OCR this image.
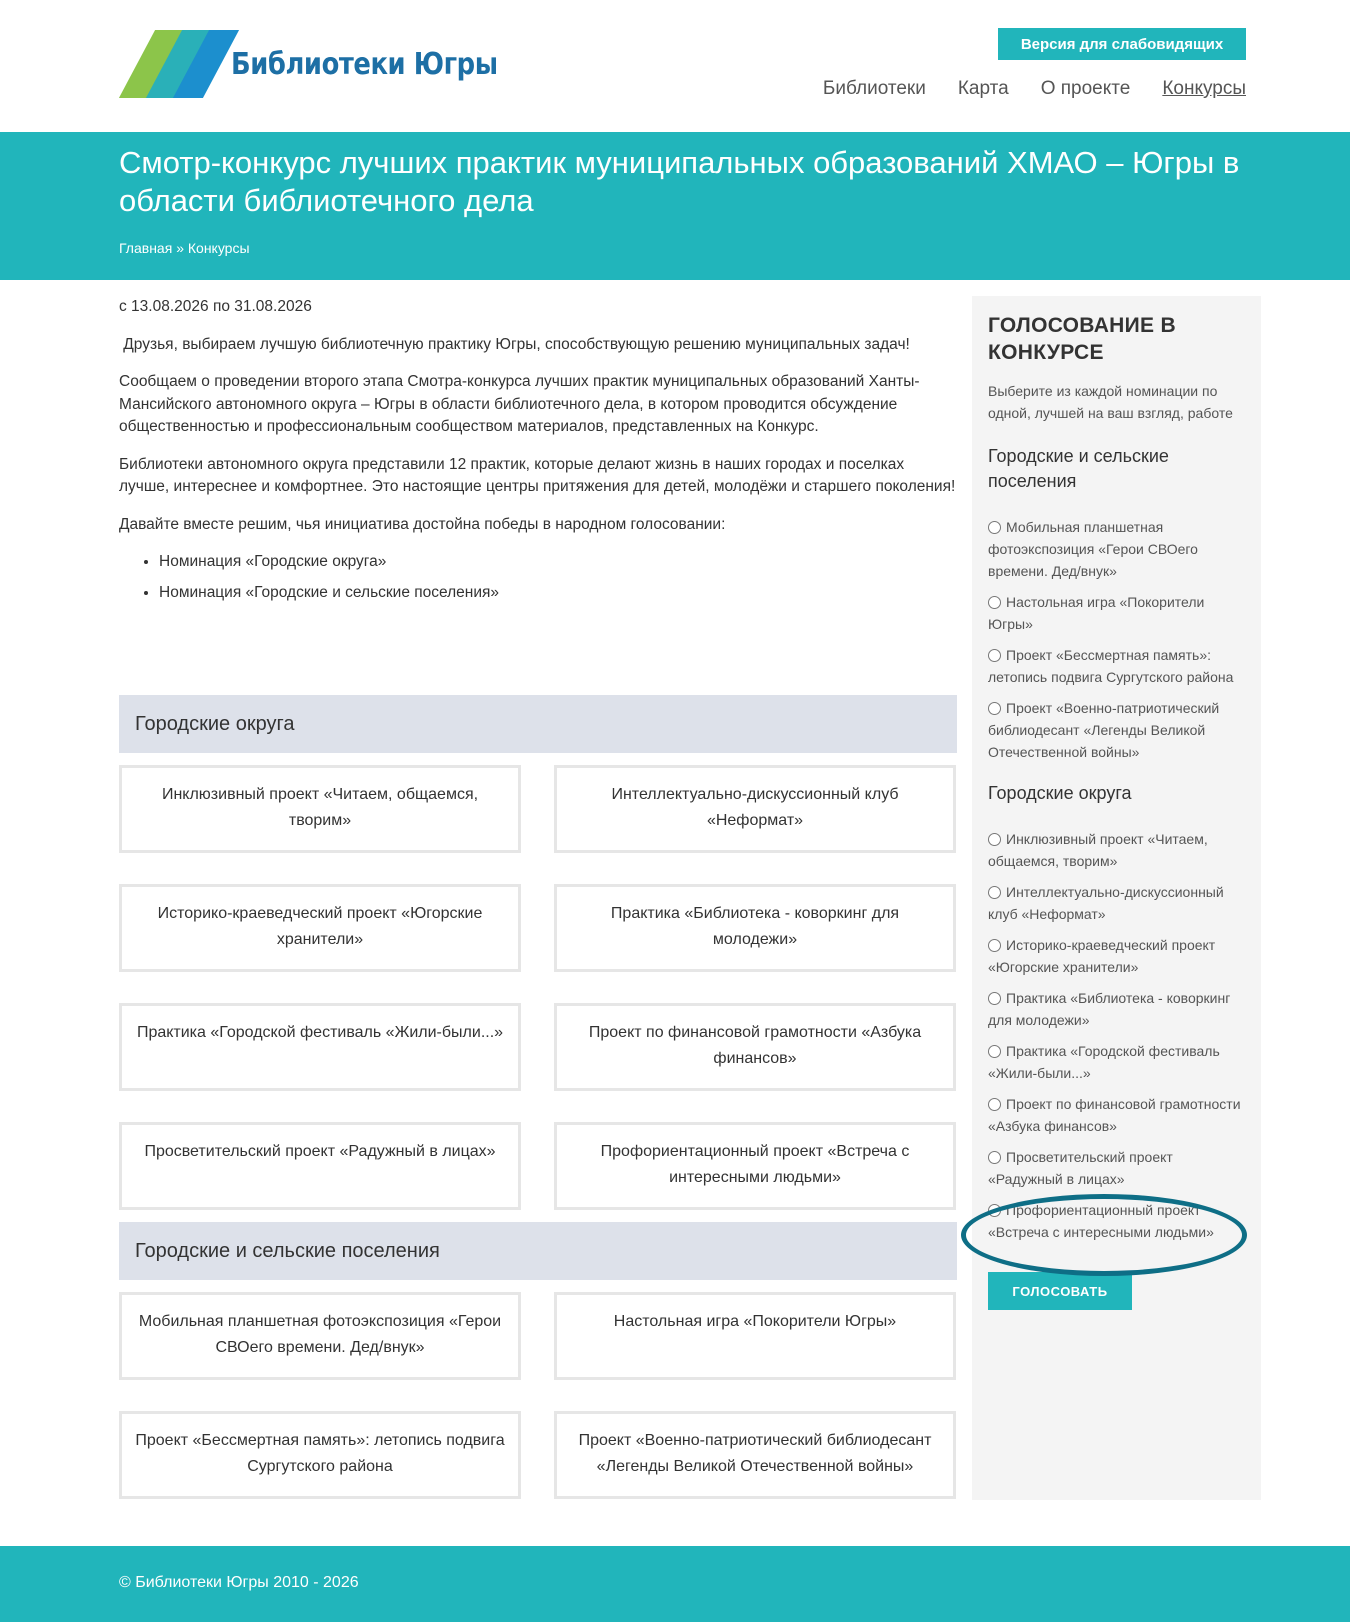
Библиотеки Югры
Версия для слабовидящих
Библиотеки Карта О проекте Конкурсы
Смотр-конкурс лучших практик муниципальных образований ХМАО – Югры в области библиотечного дела
Главная » Конкурсы

с 13.08.2026 по 31.08.2026

Друзья, выбираем лучшую библиотечную практику Югры, способствующую решению муниципальных задач!

Сообщаем о проведении второго этапа Смотра-конкурса лучших практик муниципальных образований Ханты-Мансийского автономного округа – Югры в области библиотечного дела, в котором проводится обсуждение общественностью и профессиональным сообществом материалов, представленных на Конкурс.

Библиотеки автономного округа представили 12 практик, которые делают жизнь в наших городах и поселках лучше, интереснее и комфортнее. Это настоящие центры притяжения для детей, молодёжи и старшего поколения!

Давайте вместе решим, чья инициатива достойна победы в народном голосовании:

• Номинация «Городские округа»
• Номинация «Городские и сельские поселения»
Городские округа
Инклюзивный проект «Читаем, общаемся, творим»
Интеллектуально-дискуссионный клуб «Неформат»
Историко-краеведческий проект «Югорские хранители»
Практика «Библиотека - коворкинг для молодежи»
Практика «Городской фестиваль «Жили-были...»	Проект по финансовой грамотности «Азбука финансов»
Просветительский проект «Радужный в лицах»	Профориентационный проект «Встреча с интересными людьми»
Городские и сельские поселения
Мобильная планшетная фотоэкспозиция «Герои СВОего времени. Дед/внук»
Настольная игра «Покорители Югры»
Проект «Бессмертная память»: летопись подвига Сургутского района
Проект «Военно-патриотический библиодесант «Легенды Великой Отечественной войны»
ГОЛОСОВАНИЕ В КОНКУРСЕ

Выберите из каждой номинации по одной, лучшей на ваш взгляд, работе

Городские и сельские поселения
Мобильная планшетная фотоэкспозиция «Герои СВОего времени. Дед/внук»
Настольная игра «Покорители Югры»
Проект «Бессмертная память»: летопись подвига Сургутского района
Проект «Военно-патриотический библиодесант «Легенды Великой Отечественной войны»
Городские округа
Инклюзивный проект «Читаем, общаемся, творим»
Интеллектуально-дискуссионный клуб «Неформат»
Историко-краеведческий проект «Югорские хранители»
Практика «Библиотека - коворкинг для молодежи»
Практика «Городской фестиваль «Жили-были...»
Проект по финансовой грамотности «Азбука финансов»
Просветительский проект «Радужный в лицах»
Профориентационный проект «Встреча с интересными людьми»
ГОЛОСОВАТЬ
© Библиотеки Югры 2010 - 2026
